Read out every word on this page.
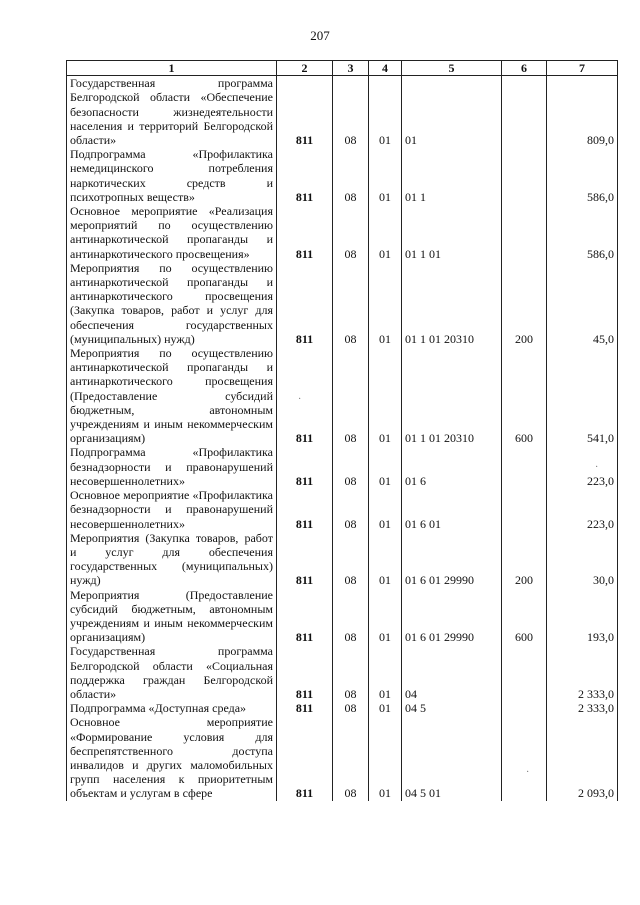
207
1	2	3	4	5	6	7
Государственная программа Белгородской области «Обеспечение безопасности жизнедеятельности населения и территорий Белгородской области»	811	08	01	01		809,0
Подпрограмма «Профилактика немедицинского потребления наркотических средств и психотропных веществ»	811	08	01	01 1		586,0
Основное мероприятие «Реализация мероприятий по осуществлению антинаркотической пропаганды и антинаркотического просвещения»	811	08	01	01 1 01		586,0
Мероприятия по осуществлению антинаркотической пропаганды и антинаркотического просвещения (Закупка товаров, работ и услуг для обеспечения государственных (муниципальных) нужд)	811	08	01	01 1 01 20310	200	45,0
Мероприятия по осуществлению антинаркотической пропаганды и антинаркотического просвещения (Предоставление субсидий бюджетным, автономным учреждениям и иным некоммерческим организациям)	811	08	01	01 1 01 20310	600	541,0
Подпрограмма «Профилактика безнадзорности и правонарушений несовершеннолетних»	811	08	01	01 6		223,0
Основное мероприятие «Профилактика безнадзорности и правонарушений несовершеннолетних»	811	08	01	01 6 01		223,0
Мероприятия (Закупка товаров, работ и услуг для обеспечения государственных (муниципальных) нужд)	811	08	01	01 6 01 29990	200	30,0
Мероприятия (Предоставление субсидий бюджетным, автономным учреждениям и иным некоммерческим организациям)	811	08	01	01 6 01 29990	600	193,0
Государственная программа Белгородской области «Социальная поддержка граждан Белгородской области»	811	08	01	04		2 333,0
Подпрограмма «Доступная среда»	811	08	01	04 5		2 333,0
Основное мероприятие «Формирование условия для беспрепятственного доступа инвалидов и других маломобильных групп населения к приоритетным объектам и услугам в сфере	811	08	01	04 5 01		2 093,0
·
·
·
